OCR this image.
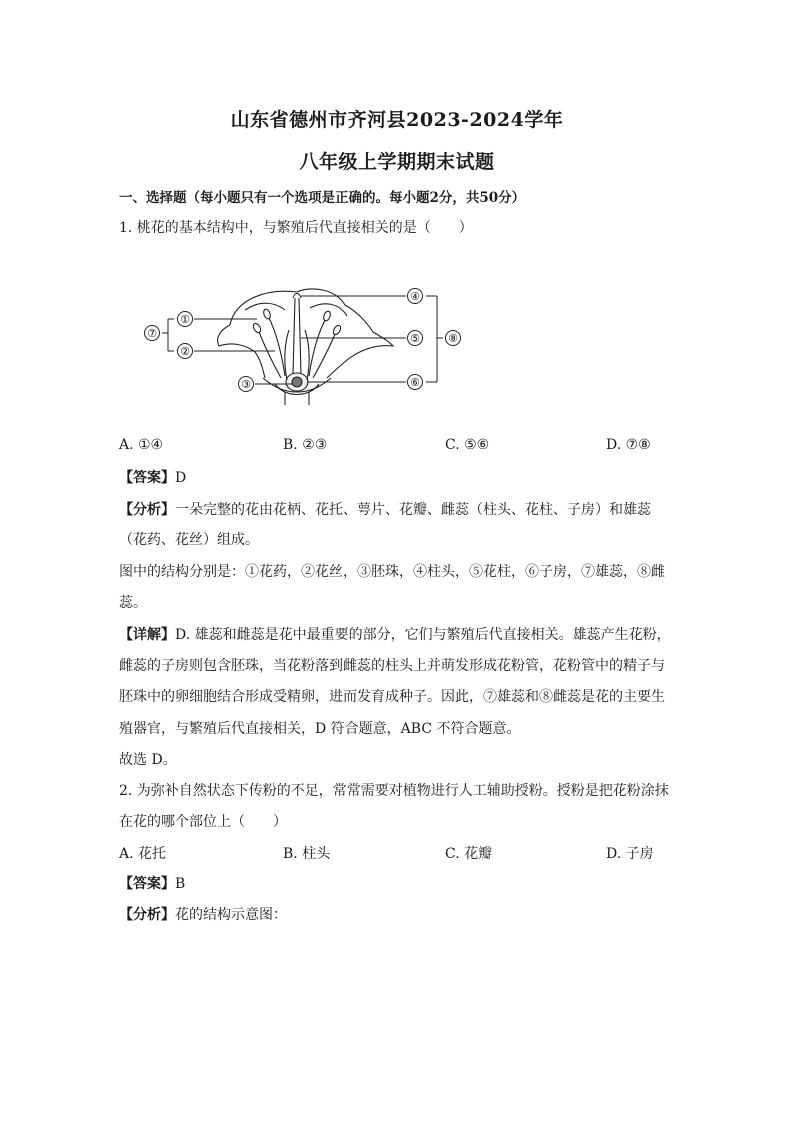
山东省德州市齐河县2023-2024学年
八年级上学期期末试题
一、选择题（每小题只有一个选项是正确的。每小题2分，共50分）
1. 桃花的基本结构中，与繁殖后代直接相关的是（　　）
①
②
⑦
③
④
⑤
⑥
⑧
A. ①④	B. ②③	C. ⑤⑥	D. ⑦⑧
【答案】D
【分析】一朵完整的花由花柄、花托、萼片、花瓣、雌蕊（柱头、花柱、子房）和雄蕊
（花药、花丝）组成。
图中的结构分别是：①花药，②花丝，③胚珠，④柱头，⑤花柱，⑥子房，⑦雄蕊，⑧雌
蕊。
【详解】D. 雄蕊和雌蕊是花中最重要的部分，它们与繁殖后代直接相关。雄蕊产生花粉，
雌蕊的子房则包含胚珠，当花粉落到雌蕊的柱头上并萌发形成花粉管，花粉管中的精子与
胚珠中的卵细胞结合形成受精卵，进而发育成种子。因此，⑦雄蕊和⑧雌蕊是花的主要生
殖器官，与繁殖后代直接相关，D 符合题意，ABC 不符合题意。
故选 D。
2. 为弥补自然状态下传粉的不足，常常需要对植物进行人工辅助授粉。授粉是把花粉涂抹
在花的哪个部位上（　　）
A. 花托	B. 柱头	C. 花瓣	D. 子房
【答案】B
【分析】花的结构示意图：
